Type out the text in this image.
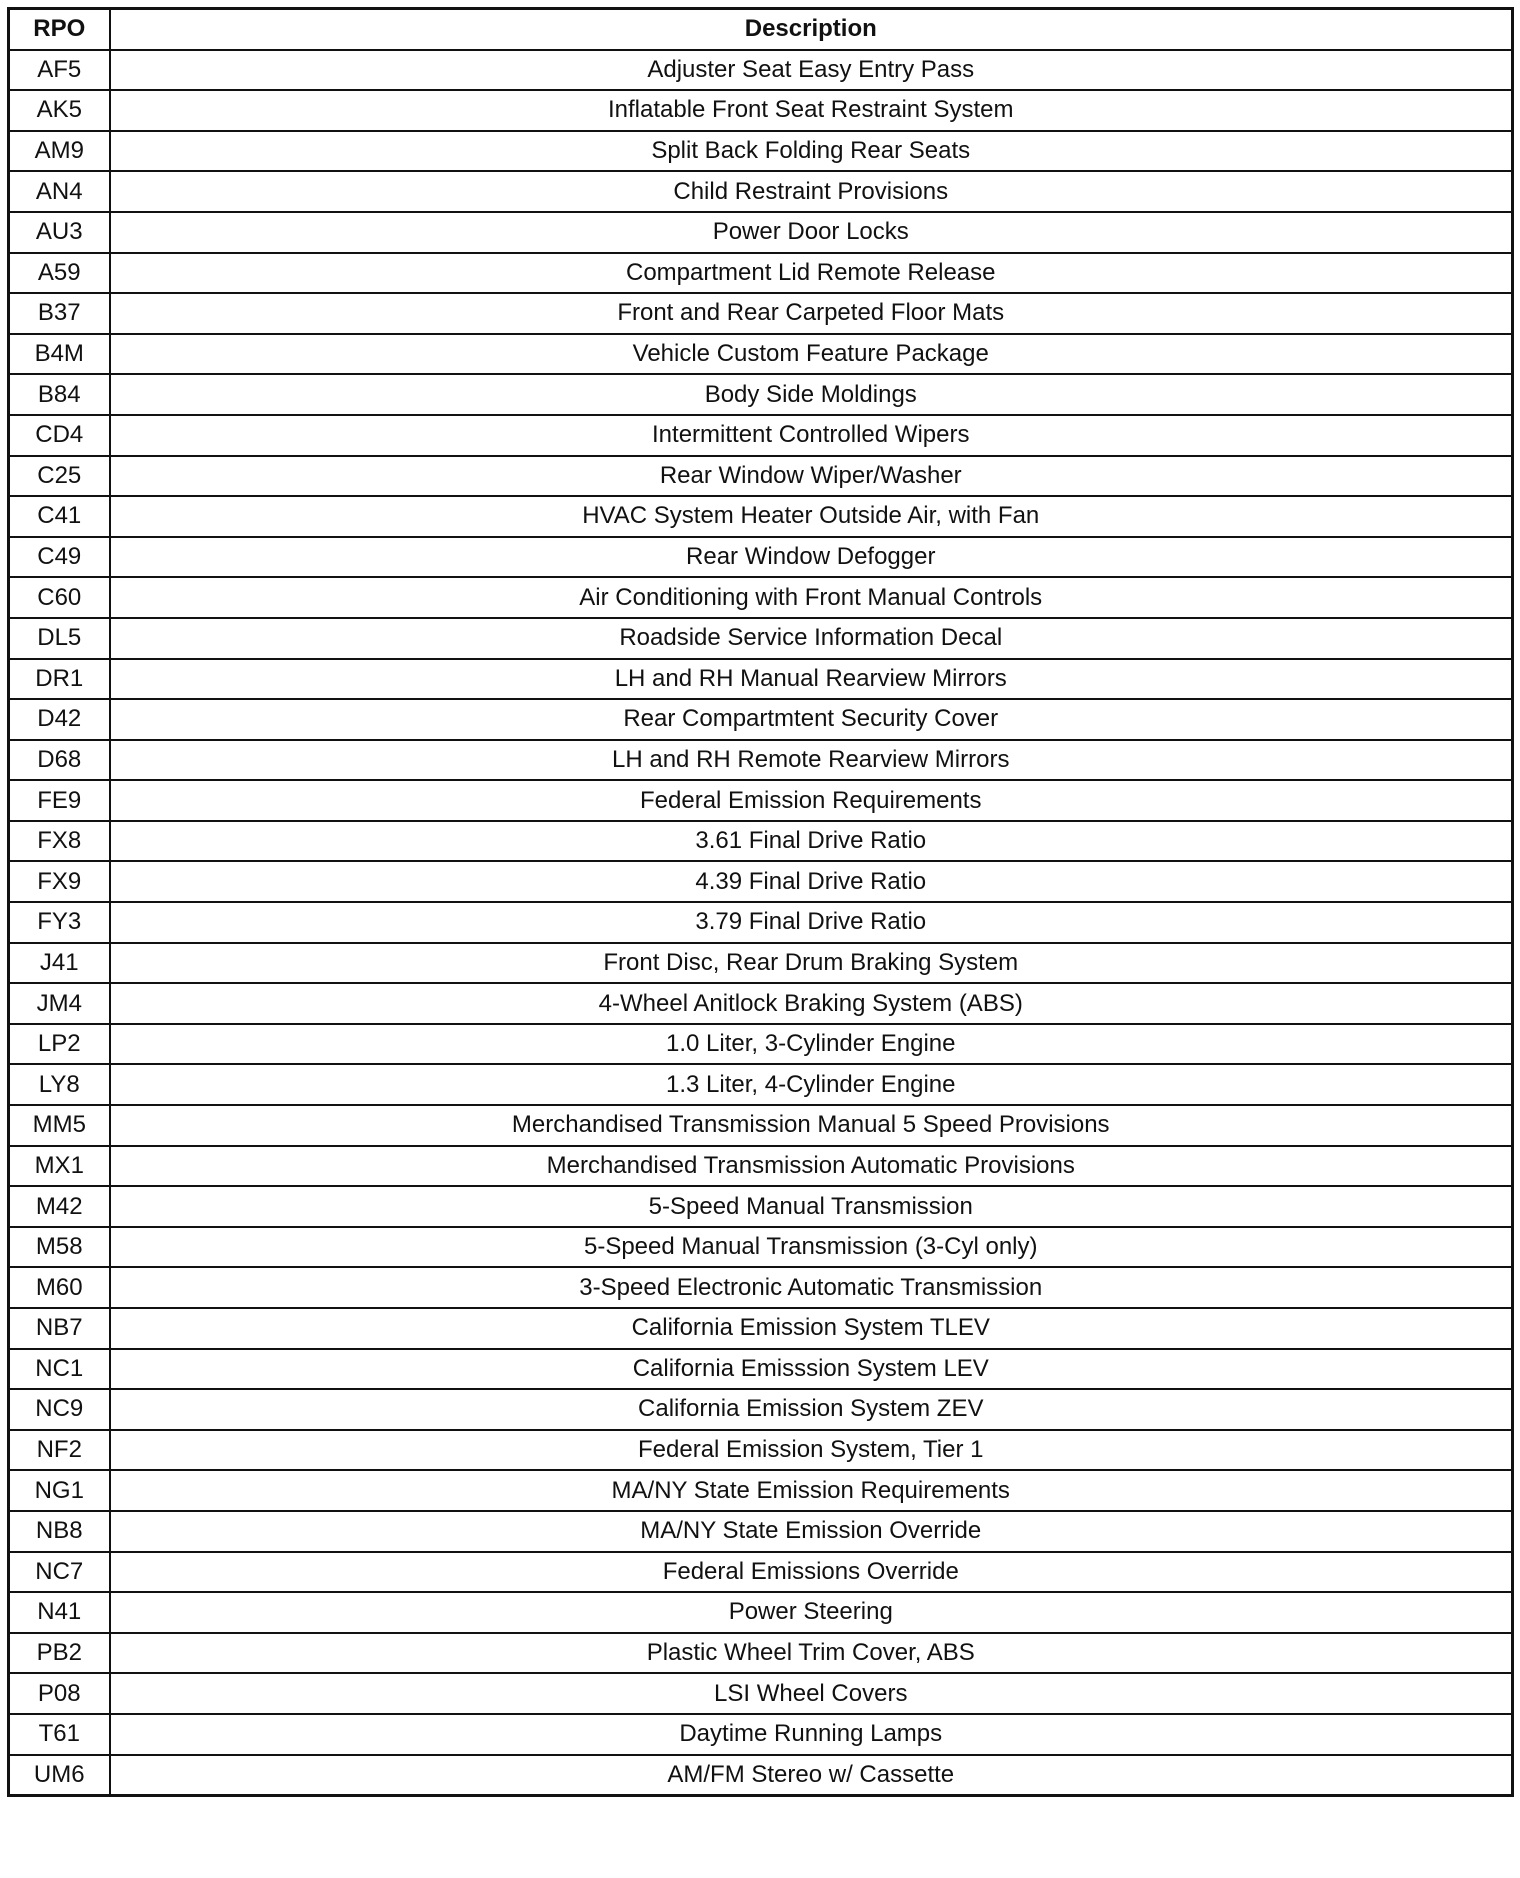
RPO	Description
AF5	Adjuster Seat Easy Entry Pass
AK5	Inflatable Front Seat Restraint System
AM9	Split Back Folding Rear Seats
AN4	Child Restraint Provisions
AU3	Power Door Locks
A59	Compartment Lid Remote Release
B37	Front and Rear Carpeted Floor Mats
B4M	Vehicle Custom Feature Package
B84	Body Side Moldings
CD4	Intermittent Controlled Wipers
C25	Rear Window Wiper/Washer
C41	HVAC System Heater Outside Air, with Fan
C49	Rear Window Defogger
C60	Air Conditioning with Front Manual Controls
DL5	Roadside Service Information Decal
DR1	LH and RH Manual Rearview Mirrors
D42	Rear Compartmtent Security Cover
D68	LH and RH Remote Rearview Mirrors
FE9	Federal Emission Requirements
FX8	3.61 Final Drive Ratio
FX9	4.39 Final Drive Ratio
FY3	3.79 Final Drive Ratio
J41	Front Disc, Rear Drum Braking System
JM4	4-Wheel Anitlock Braking System (ABS)
LP2	1.0 Liter, 3-Cylinder Engine
LY8	1.3 Liter, 4-Cylinder Engine
MM5	Merchandised Transmission Manual 5 Speed Provisions
MX1	Merchandised Transmission Automatic Provisions
M42	5-Speed Manual Transmission
M58	5-Speed Manual Transmission (3-Cyl only)
M60	3-Speed Electronic Automatic Transmission
NB7	California Emission System TLEV
NC1	California Emisssion System LEV
NC9	California Emission System ZEV
NF2	Federal Emission System, Tier 1
NG1	MA/NY State Emission Requirements
NB8	MA/NY State Emission Override
NC7	Federal Emissions Override
N41	Power Steering
PB2	Plastic Wheel Trim Cover, ABS
P08	LSI Wheel Covers
T61	Daytime Running Lamps
UM6	AM/FM Stereo w/ Cassette
